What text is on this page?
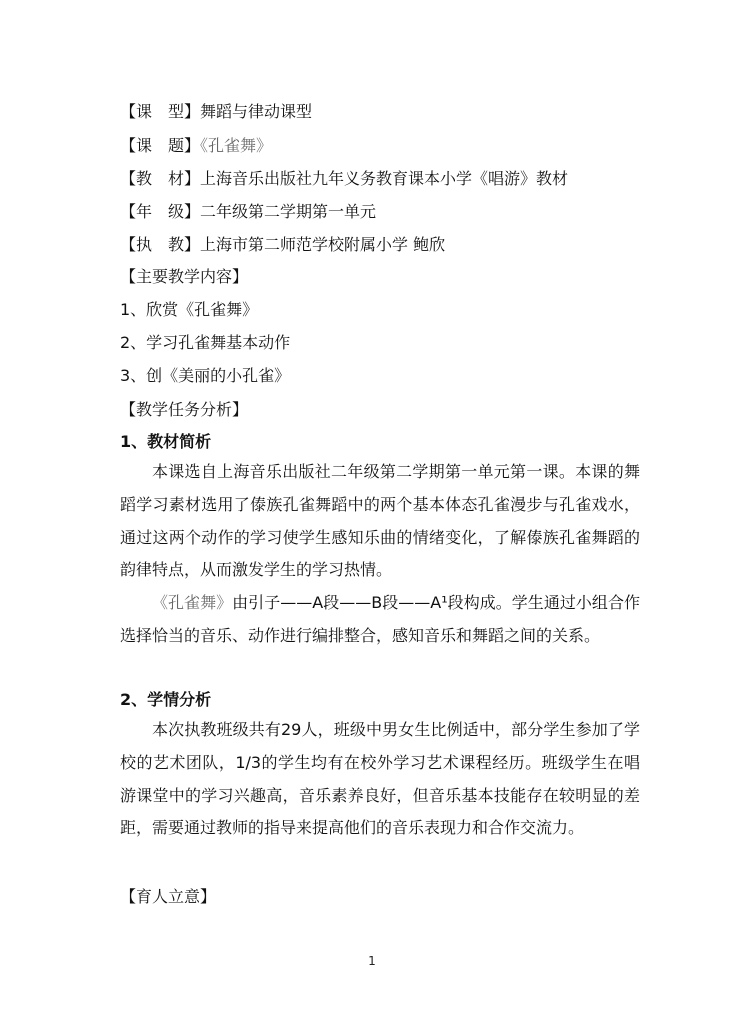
【课　型】舞蹈与律动课型
【课　题】《孔雀舞》
【教　材】上海音乐出版社九年义务教育课本小学《唱游》教材
【年　级】二年级第二学期第一单元
【执　教】上海市第二师范学校附属小学 鲍欣
【主要教学内容】
1、欣赏《孔雀舞》
2、学习孔雀舞基本动作
3、创《美丽的小孔雀》
【教学任务分析】
1、教材简析
本课选自上海音乐出版社二年级第二学期第一单元第一课。本课的舞蹈学习素材选用了傣族孔雀舞蹈中的两个基本体态孔雀漫步与孔雀戏水，通过这两个动作的学习使学生感知乐曲的情绪变化，了解傣族孔雀舞蹈的韵律特点，从而激发学生的学习热情。
《孔雀舞》由引子——A段——B段——A¹段构成。学生通过小组合作选择恰当的音乐、动作进行编排整合，感知音乐和舞蹈之间的关系。
2、学情分析
本次执教班级共有29人，班级中男女生比例适中，部分学生参加了学校的艺术团队，1/3的学生均有在校外学习艺术课程经历。班级学生在唱游课堂中的学习兴趣高，音乐素养良好，但音乐基本技能存在较明显的差距，需要通过教师的指导来提高他们的音乐表现力和合作交流力。
【育人立意】
1
